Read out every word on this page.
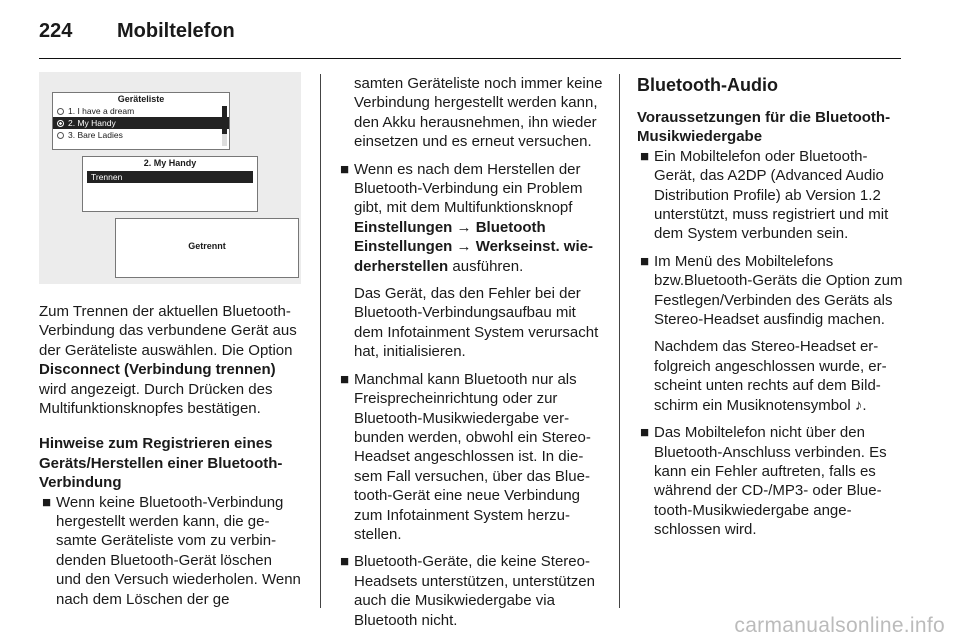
224 Mobiltelefon
Geräteliste
1. I have a dream
2. My Handy
3. Bare Ladies
2. My Handy
Trennen
Getrennt

Zum Trennen der aktuellen Bluetooth-Verbindung das verbundene Gerät aus der Geräteliste auswählen. Die Option Disconnect (Verbindung trennen) wird angezeigt. Durch Drücken des Multifunktionsknopfes bestätigen.

Hinweise zum Registrieren eines Geräts/Herstellen einer Bluetooth-Verbindung

■ Wenn keine Bluetooth-Verbindung hergestellt werden kann, die gesamte Geräteliste vom zu verbindenden Bluetooth-Gerät löschen und den Versuch wiederholen. Wenn nach dem Löschen der ge

samten Geräteliste noch immer keine Verbindung hergestellt werden kann, den Akku herausnehmen, ihn wieder einsetzen und es erneut versuchen.

■ Wenn es nach dem Herstellen der Bluetooth-Verbindung ein Problem gibt, mit dem Multifunktionsknopf Einstellungen → Bluetooth Einstellungen → Werkseinst. wiederherstellen ausführen.

Das Gerät, das den Fehler bei der Bluetooth-Verbindungsaufbau mit dem Infotainment System verursacht hat, initialisieren.

■ Manchmal kann Bluetooth nur als Freisprecheinrichtung oder zur Bluetooth-Musikwiedergabe verbunden werden, obwohl ein Stereo-Headset angeschlossen ist. In diesem Fall versuchen, über das Bluetooth-Gerät eine neue Verbindung zum Infotainment System herzustellen.
■ Bluetooth-Geräte, die keine Stereo-Headsets unterstützen, unterstützen auch die Musikwiedergabe via Bluetooth nicht.

Bluetooth-Audio

Voraussetzungen für die Bluetooth-Musikwiedergabe

■ Ein Mobiltelefon oder Bluetooth-Gerät, das A2DP (Advanced Audio Distribution Profile) ab Version 1.2 unterstützt, muss registriert und mit dem System verbunden sein.
■ Im Menü des Mobiltelefons bzw.Bluetooth-Geräts die Option zum Festlegen/Verbinden des Geräts als Stereo-Headset ausfindig machen.

Nachdem das Stereo-Headset erfolgreich angeschlossen wurde, erscheint unten rechts auf dem Bildschirm ein Musiknotensymbol ♪.

■ Das Mobiltelefon nicht über den Bluetooth-Anschluss verbinden. Es kann ein Fehler auftreten, falls es während der CD-/MP3- oder Bluetooth-Musikwiedergabe angeschlossen wird.
carmanualsonline.info
